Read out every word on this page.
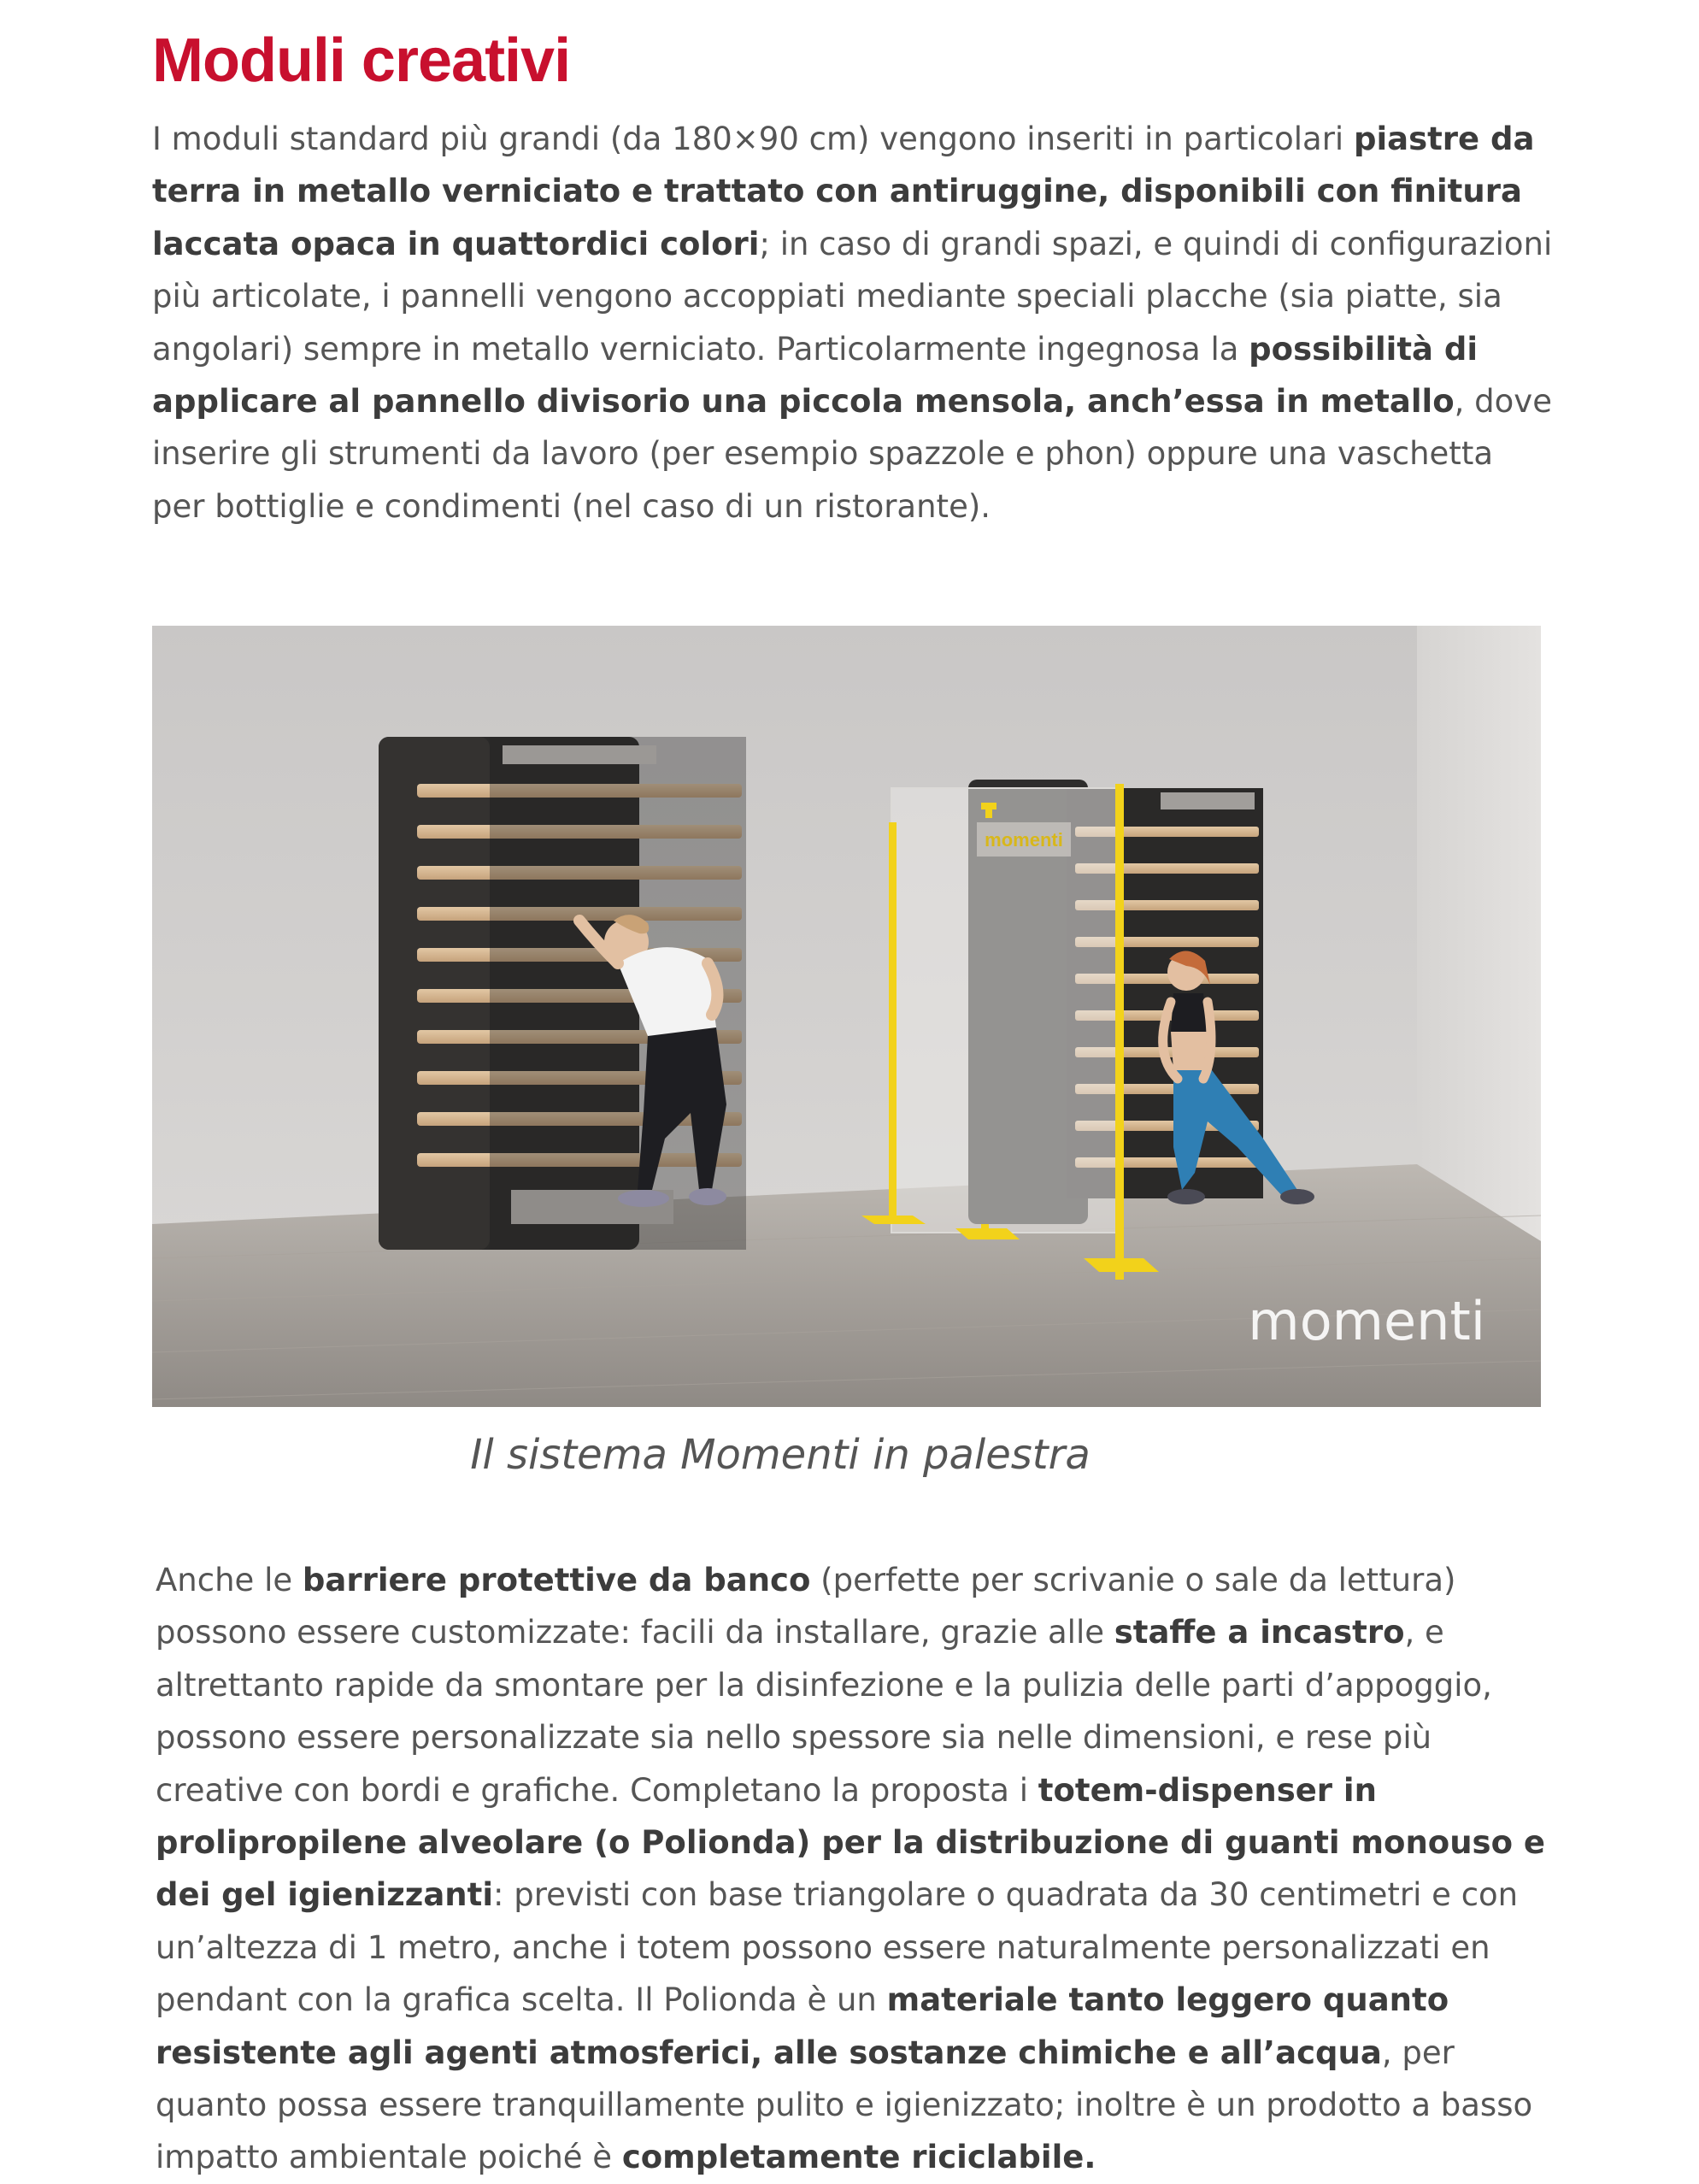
Moduli creativi

I moduli standard più grandi (da 180×90 cm) vengono inseriti in particolari piastre da terra in metallo verniciato e trattato con antiruggine, disponibili con finitura laccata opaca in quattordici colori; in caso di grandi spazi, e quindi di configurazioni più articolate, i pannelli vengono accoppiati mediante speciali placche (sia piatte, sia angolari) sempre in metallo verniciato. Particolarmente ingegnosa la possibilità di applicare al pannello divisorio una piccola mensola, anch’essa in metallo, dove inserire gli strumenti da lavoro (per esempio spazzole e phon) oppure una vaschetta per bottiglie e condimenti (nel caso di un ristorante).

momenti
momenti
Il sistema Momenti in palestra

Anche le barriere protettive da banco (perfette per scrivanie o sale da lettura) possono essere customizzate: facili da installare, grazie alle staffe a incastro, e altrettanto rapide da smontare per la disinfezione e la pulizia delle parti d’appoggio, possono essere personalizzate sia nello spessore sia nelle dimensioni, e rese più creative con bordi e grafiche. Completano la proposta i totem-dispenser in prolipropilene alveolare (o Polionda) per la distribuzione di guanti monouso e dei gel igienizzanti: previsti con base triangolare o quadrata da 30 centimetri e con un’altezza di 1 metro, anche i totem possono essere naturalmente personalizzati en pendant con la grafica scelta. Il Polionda è un materiale tanto leggero quanto resistente agli agenti atmosferici, alle sostanze chimiche e all’acqua, per quanto possa essere tranquillamente pulito e igienizzato; inoltre è un prodotto a basso impatto ambientale poiché è completamente riciclabile.
